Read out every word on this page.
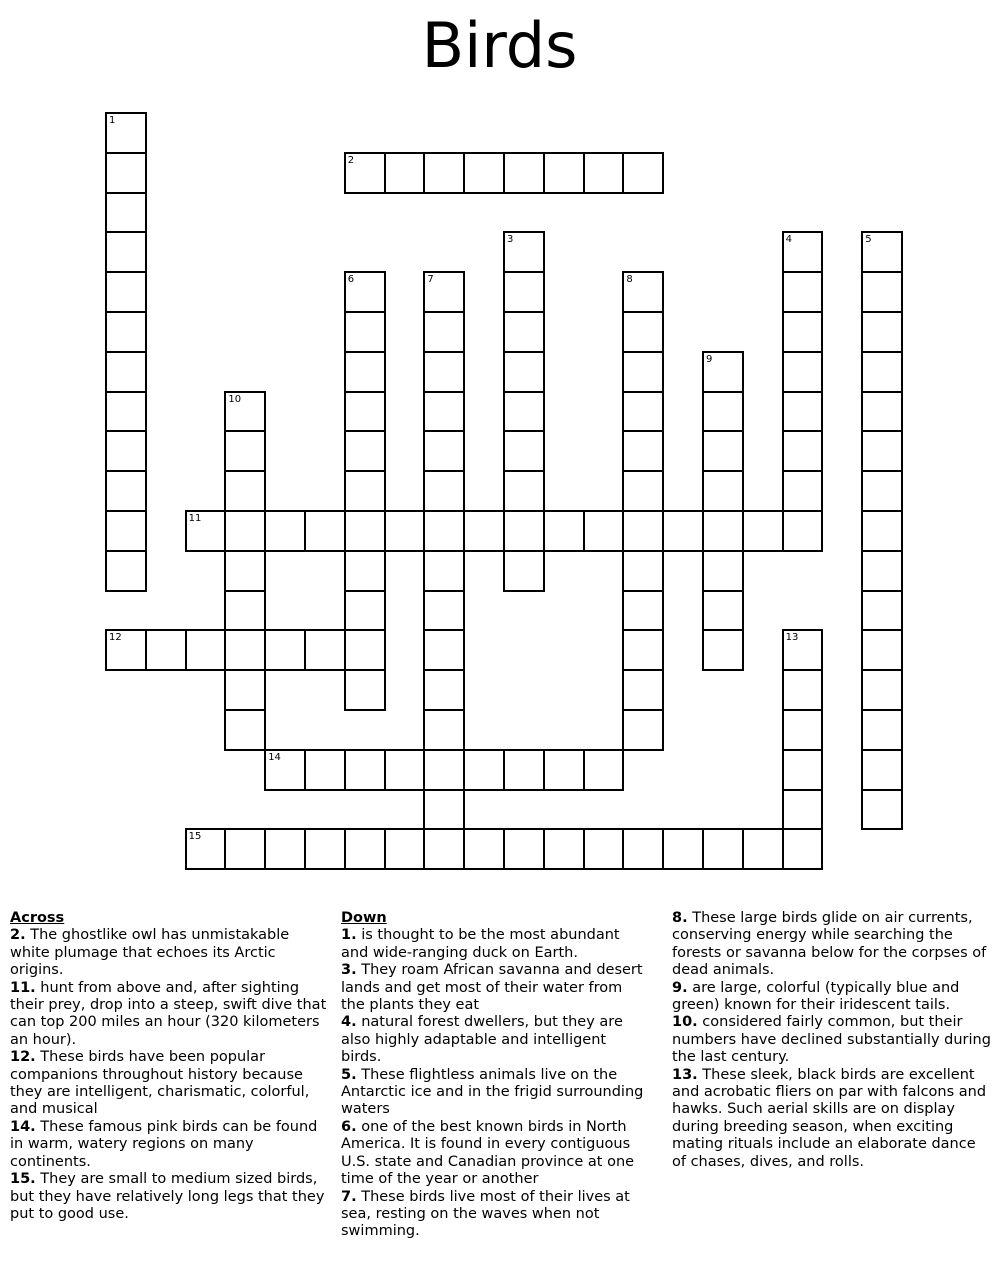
Birds
1
2
3	4	5
6	7	8
9
10
11
12	13
14
15
Across
2. The ghostlike owl has unmistakable white plumage that echoes its Arctic origins.
11. hunt from above and, after sighting their prey, drop into a steep, swift dive that can top 200 miles an hour (320 kilometers an hour).
12. These birds have been popular companions throughout history because they are intelligent, charismatic, colorful, and musical
14. These famous pink birds can be found in warm, watery regions on many continents.
15. They are small to medium sized birds, but they have relatively long legs that they put to good use.
Down
1. is thought to be the most abundant and wide-ranging duck on Earth.
3. They roam African savanna and desert lands and get most of their water from the plants they eat
4. natural forest dwellers, but they are also highly adaptable and intelligent birds.
5. These flightless animals live on the Antarctic ice and in the frigid surrounding waters
6. one of the best known birds in North America. It is found in every contiguous U.S. state and Canadian province at one time of the year or another
7. These birds live most of their lives at sea, resting on the waves when not swimming.
8. These large birds glide on air currents, conserving energy while searching the forests or savanna below for the corpses of dead animals.
9. are large, colorful (typically blue and green) known for their iridescent tails.
10. considered fairly common, but their numbers have declined substantially during the last century.
13. These sleek, black birds are excellent and acrobatic fliers on par with falcons and hawks. Such aerial skills are on display during breeding season, when exciting mating rituals include an elaborate dance of chases, dives, and rolls.
